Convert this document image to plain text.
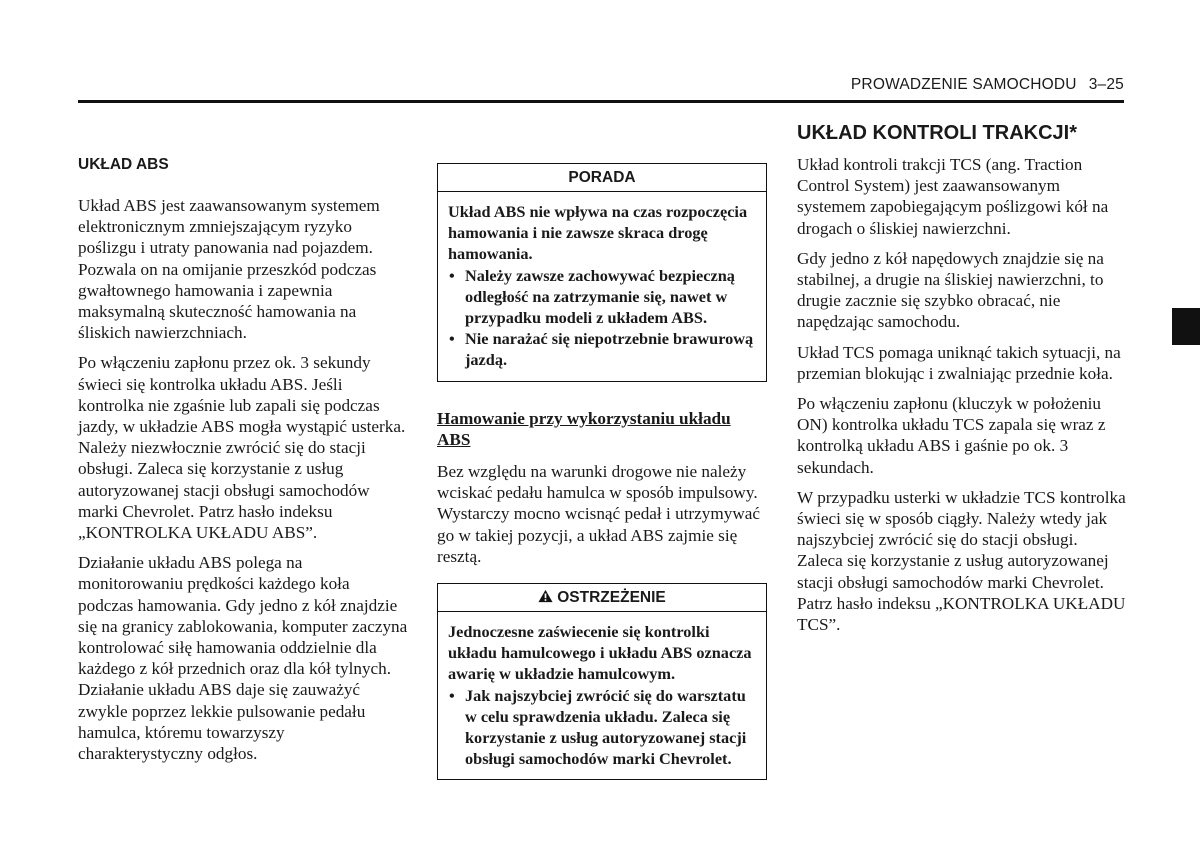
PROWADZENIE SAMOCHODU 3–25
UKŁAD ABS

Układ ABS jest zaawansowanym systemem elektronicznym zmniejszającym ryzyko poślizgu i utraty panowania nad pojazdem. Pozwala on na omijanie przeszkód podczas gwałtownego hamowania i zapewnia maksymalną skuteczność hamowania na śliskich nawierzchniach.

Po włączeniu zapłonu przez ok. 3 sekundy świeci się kontrolka układu ABS. Jeśli kontrolka nie zgaśnie lub zapali się podczas jazdy, w układzie ABS mogła wystąpić usterka. Należy niezwłocznie zwrócić się do stacji obsługi. Zaleca się korzystanie z usług autoryzowanej stacji obsługi samochodów marki Chevrolet. Patrz hasło indeksu „KONTROLKA UKŁADU ABS”.

Działanie układu ABS polega na monitorowaniu prędkości każdego koła podczas hamowania. Gdy jedno z kół znajdzie się na granicy zablokowania, komputer zaczyna kontrolować siłę hamowania oddzielnie dla każdego z kół przednich oraz dla kół tylnych. Działanie układu ABS daje się zauważyć zwykle poprzez lekkie pulsowanie pedału hamulca, któremu towarzyszy charakterystyczny odgłos.

PORADA

Układ ABS nie wpływa na czas rozpoczęcia hamowania i nie zawsze skraca drogę hamowania.

• Należy zawsze zachowywać bezpieczną odległość na zatrzymanie się, nawet w przypadku modeli z układem ABS.
• Nie narażać się niepotrzebnie brawurową jazdą.
Hamowanie przy wykorzystaniu układu ABS

Bez względu na warunki drogowe nie należy wciskać pedału hamulca w sposób impulsowy. Wystarczy mocno wcisnąć pedał i utrzymywać go w takiej pozycji, a układ ABS zajmie się resztą.

OSTRZEŻENIE

Jednoczesne zaświecenie się kontrolki układu hamulcowego i układu ABS oznacza awarię w układzie hamulcowym.

• Jak najszybciej zwrócić się do warsztatu w celu sprawdzenia układu. Zaleca się korzystanie z usług autoryzowanej stacji obsługi samochodów marki Chevrolet.
UKŁAD KONTROLI TRAKCJI*

Układ kontroli trakcji TCS (ang. Traction Control System) jest zaawansowanym systemem zapobiegającym poślizgowi kół na drogach o śliskiej nawierzchni.

Gdy jedno z kół napędowych znajdzie się na stabilnej, a drugie na śliskiej nawierzchni, to drugie zacznie się szybko obracać, nie napędzając samochodu.

Układ TCS pomaga uniknąć takich sytuacji, na przemian blokując i zwalniając przednie koła.

Po włączeniu zapłonu (kluczyk w położeniu ON) kontrolka układu TCS zapala się wraz z kontrolką układu ABS i gaśnie po ok. 3 sekundach.

W przypadku usterki w układzie TCS kontrolka świeci się w sposób ciągły. Należy wtedy jak najszybciej zwrócić się do stacji obsługi. Zaleca się korzystanie z usług autoryzowanej stacji obsługi samochodów marki Chevrolet. Patrz hasło indeksu „KONTROLKA UKŁADU TCS”.
